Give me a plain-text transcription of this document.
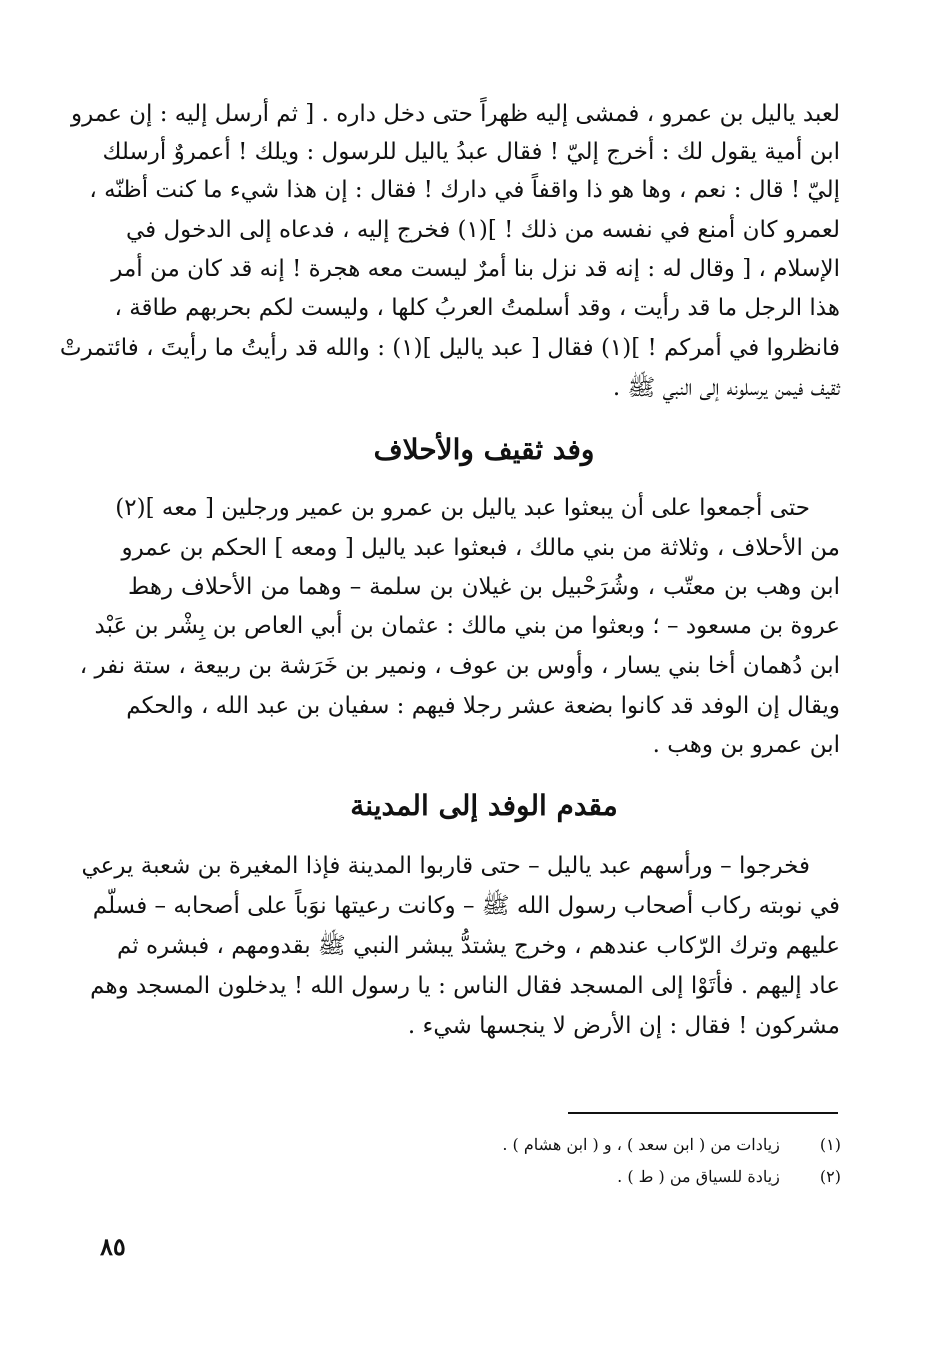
لعبد ياليل بن عمرو ، فمشى إليه ظهراً حتى دخل داره . [ ثم أرسل إليه : إن عمرو
ابن أمية يقول لك : أخرج إليّ ! فقال عبدُ ياليل للرسول : ويلك ! أعمروٌ أرسلك
إليّ ! قال : نعم ، وها هو ذا واقفاً في دارك ! فقال : إن هذا شيء ما كنت أظنّه ،
لعمرو كان أمنع في نفسه من ذلك ! ](١) فخرج إليه ، فدعاه إلى الدخول في
الإسلام ، [ وقال له : إنه قد نزل بنا أمرٌ ليست معه هجرة ! إنه قد كان من أمر
هذا الرجل ما قد رأيت ، وقد أسلمتُ العربُ كلها ، وليست لكم بحربهم طاقة ،
فانظروا في أمركم ! ](١) فقال [ عبد ياليل ](١) : والله قد رأيتُ ما رأيتَ ، فائتمرتْ
ثقيف فيمن يرسلونه إلى النبي ﷺ .
وفد ثقيف والأحلاف
حتى أجمعوا على أن يبعثوا عبد ياليل بن عمرو بن عمير ورجلين [ معه ](٢)
من الأحلاف ، وثلاثة من بني مالك ، فبعثوا عبد ياليل [ ومعه ] الحكم بن عمرو
ابن وهب بن معتّب ، وشُرَحْبيل بن غيلان بن سلمة – وهما من الأحلاف رهط
عروة بن مسعود – ؛ وبعثوا من بني مالك : عثمان بن أبي العاص بن بِشْر بن عَبْد
ابن دُهمان أخا بني يسار ، وأوس بن عوف ، ونمير بن خَرَشة بن ربيعة ، ستة نفر ،
ويقال إن الوفد قد كانوا بضعة عشر رجلا فيهم : سفيان بن عبد الله ، والحكم
ابن عمرو بن وهب .
مقدم الوفد إلى المدينة
فخرجوا – ورأسهم عبد ياليل – حتى قاربوا المدينة فإذا المغيرة بن شعبة يرعي
في نوبته ركاب أصحاب رسول الله ﷺ – وكانت رعيتها نوَباً على أصحابه – فسلّم
عليهم وترك الرّكاب عندهم ، وخرج يشتدُّ يبشر النبي ﷺ بقدومهم ، فبشره ثم
عاد إليهم . فأتَوْا إلى المسجد فقال الناس : يا رسول الله ! يدخلون المسجد وهم
مشركون ! فقال : إن الأرض لا ينجسها شيء .
(١) زيادات من ( ابن سعد ) ، و ( ابن هشام ) .
(٢) زيادة للسياق من ( ط ) .
٨٥
